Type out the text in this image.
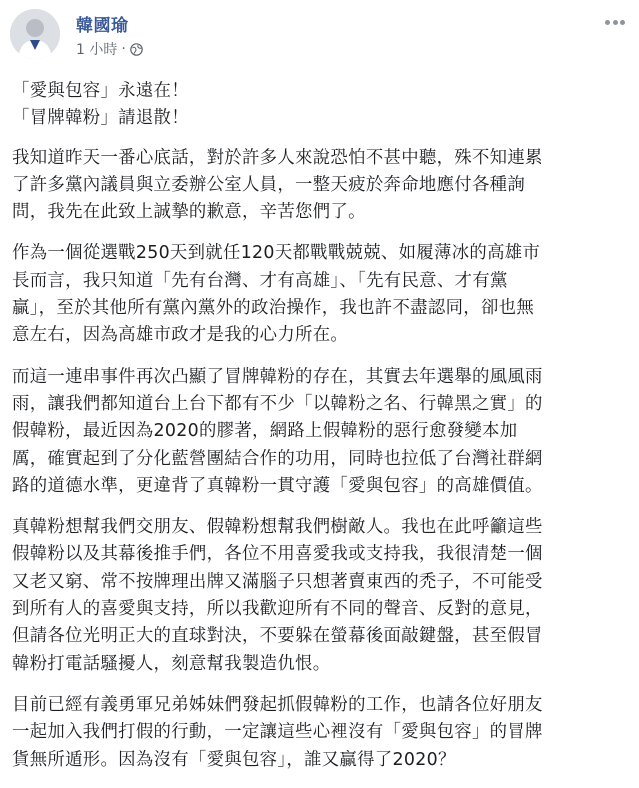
韓國瑜
1 小時 ·

「愛與包容」永遠在！
「冒牌韓粉」請退散！

我知道昨天一番心底話，對於許多人來說恐怕不甚中聽，殊不知連累
了許多黨內議員與立委辦公室人員，一整天疲於奔命地應付各種詢
問，我先在此致上誠摯的歉意，辛苦您們了。

作為一個從選戰250天到就任120天都戰戰兢兢、如履薄冰的高雄市
長而言，我只知道「先有台灣、才有高雄」、「先有民意、才有黨
贏」，至於其他所有黨內黨外的政治操作，我也許不盡認同，卻也無
意左右，因為高雄市政才是我的心力所在。

而這一連串事件再次凸顯了冒牌韓粉的存在，其實去年選舉的風風雨
雨，讓我們都知道台上台下都有不少「以韓粉之名、行韓黑之實」的
假韓粉，最近因為2020的膠著，網路上假韓粉的惡行愈發變本加
厲，確實起到了分化藍營團結合作的功用，同時也拉低了台灣社群網
路的道德水準，更違背了真韓粉一貫守護「愛與包容」的高雄價值。

真韓粉想幫我們交朋友、假韓粉想幫我們樹敵人。我也在此呼籲這些
假韓粉以及其幕後推手們，各位不用喜愛我或支持我，我很清楚一個
又老又窮、常不按牌理出牌又滿腦子只想著賣東西的禿子，不可能受
到所有人的喜愛與支持，所以我歡迎所有不同的聲音、反對的意見，
但請各位光明正大的直球對決，不要躲在螢幕後面敲鍵盤，甚至假冒
韓粉打電話騷擾人，刻意幫我製造仇恨。

目前已經有義勇軍兄弟姊妹們發起抓假韓粉的工作，也請各位好朋友
一起加入我們打假的行動，一定讓這些心裡沒有「愛與包容」的冒牌
貨無所遁形。因為沒有「愛與包容」，誰又贏得了2020？
